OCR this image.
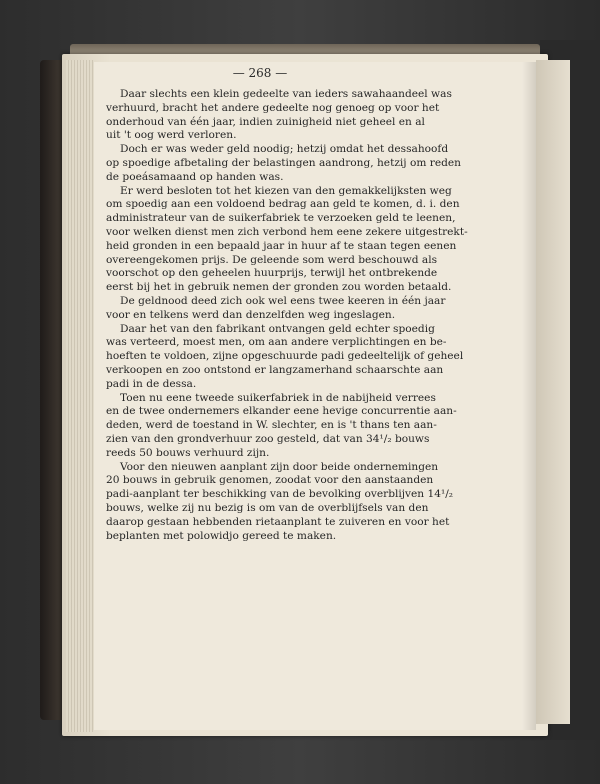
— 268 —
Daar slechts een klein gedeelte van ieders sawahaandeel was
verhuurd, bracht het andere gedeelte nog genoeg op voor het
onderhoud van één jaar, indien zuinigheid niet geheel en al
uit 't oog werd verloren.
Doch er was weder geld noodig; hetzij omdat het dessahoofd
op spoedige afbetaling der belastingen aandrong, hetzij om reden
de poeásamaand op handen was.
Er werd besloten tot het kiezen van den gemakkelijksten weg
om spoedig aan een voldoend bedrag aan geld te komen, d. i. den
administrateur van de suikerfabriek te verzoeken geld te leenen,
voor welken dienst men zich verbond hem eene zekere uitgestrekt-
heid gronden in een bepaald jaar in huur af te staan tegen eenen
overeengekomen prijs. De geleende som werd beschouwd als
voorschot op den geheelen huurprijs, terwijl het ontbrekende
eerst bij het in gebruik nemen der gronden zou worden betaald.
De geldnood deed zich ook wel eens twee keeren in één jaar
voor en telkens werd dan denzelfden weg ingeslagen.
Daar het van den fabrikant ontvangen geld echter spoedig
was verteerd, moest men, om aan andere verplichtingen en be-
hoeften te voldoen, zijne opgeschuurde padi gedeeltelijk of geheel
verkoopen en zoo ontstond er langzamerhand schaarschte aan
padi in de dessa.
Toen nu eene tweede suikerfabriek in de nabijheid verrees
en de twee ondernemers elkander eene hevige concurrentie aan-
deden, werd de toestand in W. slechter, en is 't thans ten aan-
zien van den grondverhuur zoo gesteld, dat van 34¹/₂ bouws
reeds 50 bouws verhuurd zijn.
Voor den nieuwen aanplant zijn door beide ondernemingen
20 bouws in gebruik genomen, zoodat voor den aanstaanden
padi-aanplant ter beschikking van de bevolking overblijven 14¹/₂
bouws, welke zij nu bezig is om van de overblijfsels van den
daarop gestaan hebbenden rietaanplant te zuiveren en voor het
beplanten met polowidjo gereed te maken.
